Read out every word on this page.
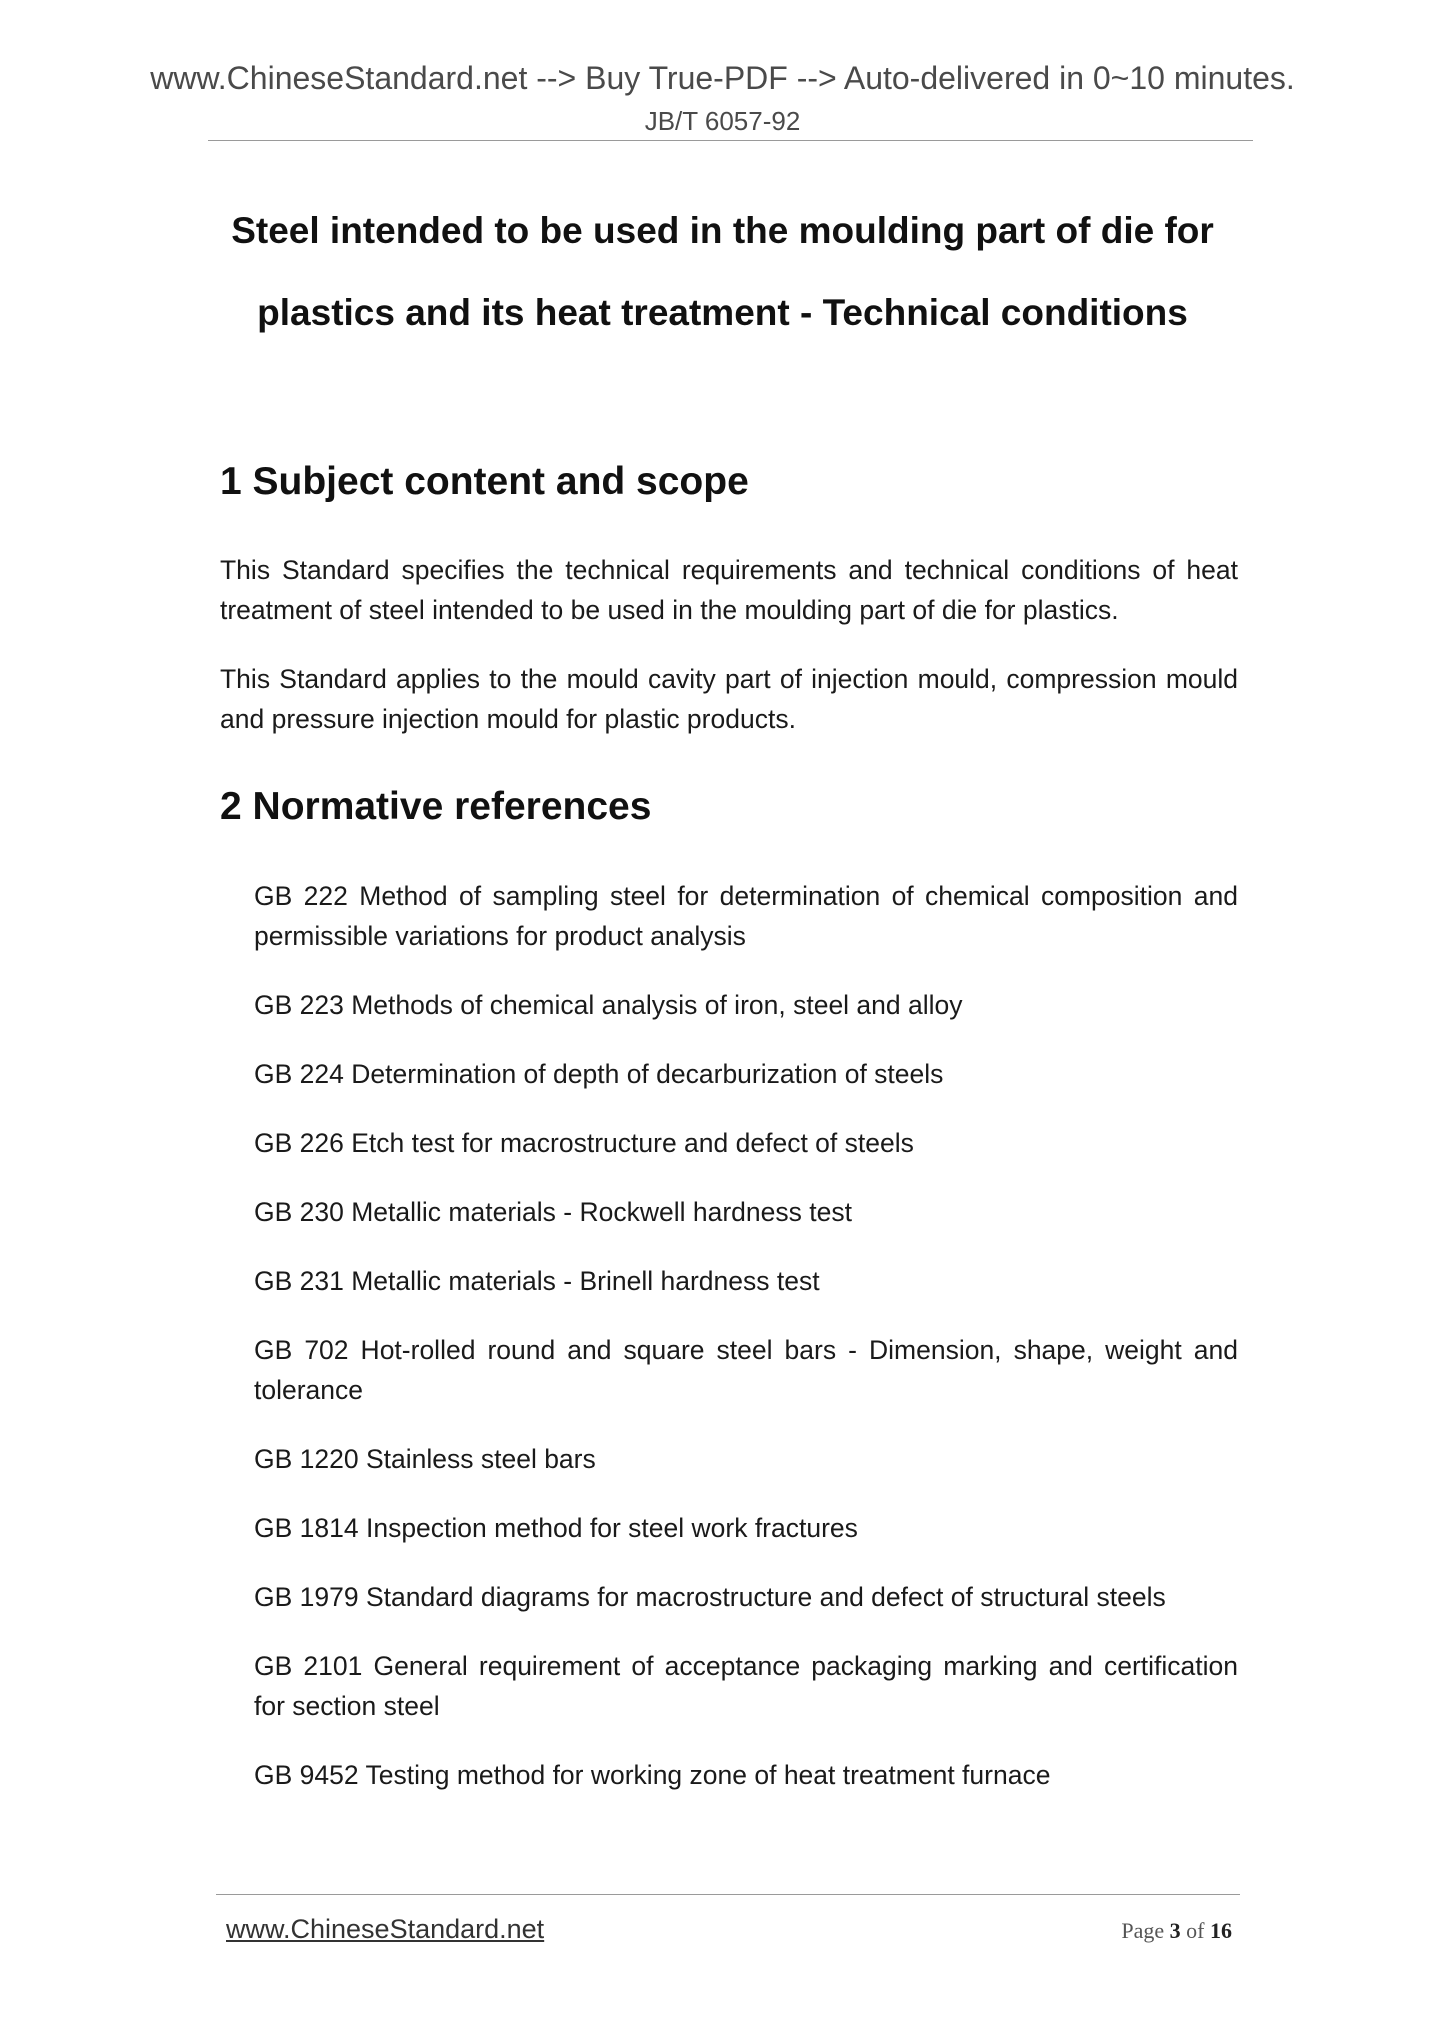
www.ChineseStandard.net --> Buy True-PDF --> Auto-delivered in 0~10 minutes.
JB/T 6057-92
Steel intended to be used in the moulding part of die for
plastics and its heat treatment - Technical conditions
1 Subject content and scope
This Standard specifies the technical requirements and technical conditions of heat treatment of steel intended to be used in the moulding part of die for plastics.
This Standard applies to the mould cavity part of injection mould, compression mould and pressure injection mould for plastic products.
2 Normative references
GB 222 Method of sampling steel for determination of chemical composition and permissible variations for product analysis
GB 223 Methods of chemical analysis of iron, steel and alloy
GB 224 Determination of depth of decarburization of steels
GB 226 Etch test for macrostructure and defect of steels
GB 230 Metallic materials - Rockwell hardness test
GB 231 Metallic materials - Brinell hardness test
GB 702 Hot-rolled round and square steel bars - Dimension, shape, weight and tolerance
GB 1220 Stainless steel bars
GB 1814 Inspection method for steel work fractures
GB 1979 Standard diagrams for macrostructure and defect of structural steels
GB 2101 General requirement of acceptance packaging marking and certification for section steel
GB 9452 Testing method for working zone of heat treatment furnace
www.ChineseStandard.net	Page 3 of 16
